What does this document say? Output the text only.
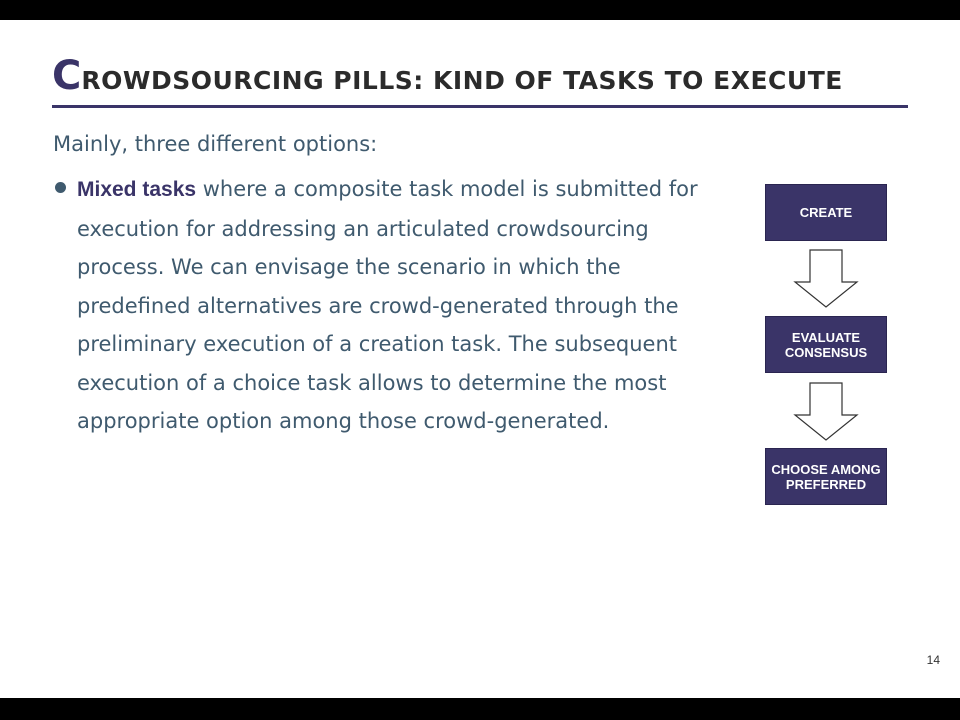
CROWDSOURCING PILLS: KIND OF TASKS TO EXECUTE

Mainly, three different options:

Mixed tasks where a composite task model is submitted for

execution for addressing an articulated crowdsourcing

process. We can envisage the scenario in which the

predefined alternatives are crowd-generated through the

preliminary execution of a creation task. The subsequent

execution of a choice task allows to determine the most

appropriate option among those crowd-generated.

CREATE
EVALUATE
CONSENSUS
CHOOSE AMONG
PREFERRED
14
